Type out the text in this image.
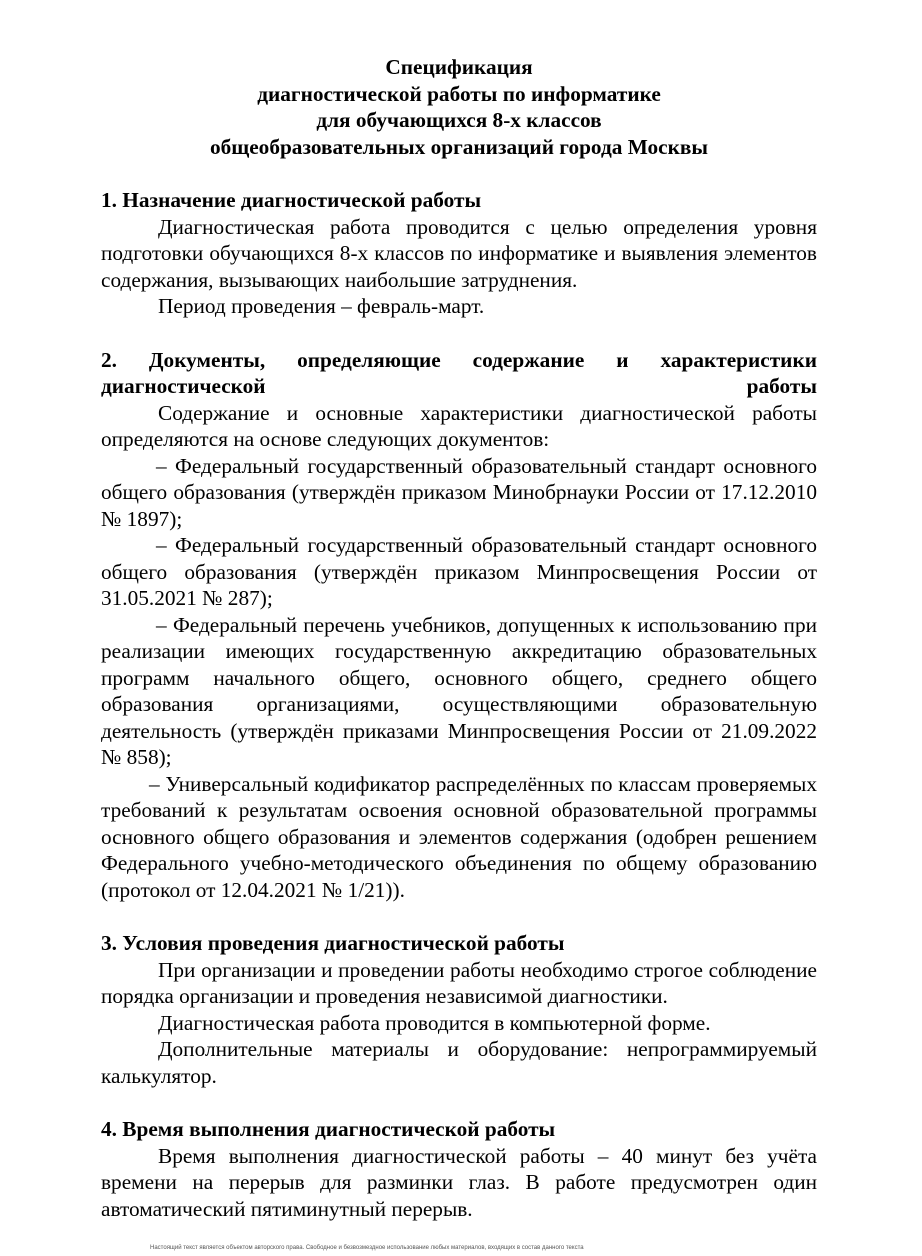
Спецификация

диагностической работы по информатике

для обучающихся 8-х классов

общеобразовательных организаций города Москвы

1. Назначение диагностической работы

Диагностическая работа проводится с целью определения уровня подготовки обучающихся 8-х классов по информатике и выявления элементов содержания, вызывающих наибольшие затруднения.

Период проведения – февраль-март.

2. Документы, определяющие содержание и характеристики диагностической работы

Содержание и основные характеристики диагностической работы определяются на основе следующих документов:

– Федеральный государственный образовательный стандарт основного общего образования (утверждён приказом Минобрнауки России от 17.12.2010 № 1897);

– Федеральный государственный образовательный стандарт основного общего образования (утверждён приказом Минпросвещения России от 31.05.2021 № 287);

– Федеральный перечень учебников, допущенных к использованию при реализации имеющих государственную аккредитацию образовательных программ начального общего, основного общего, среднего общего образования организациями, осуществляющими образовательную деятельность (утверждён приказами Минпросвещения России от 21.09.2022 № 858);

– Универсальный кодификатор распределённых по классам проверяемых требований к результатам освоения основной образовательной программы основного общего образования и элементов содержания (одобрен решением Федерального учебно-методического объединения по общему образованию (протокол от 12.04.2021 № 1/21)).

3. Условия проведения диагностической работы

При организации и проведении работы необходимо строгое соблюдение порядка организации и проведения независимой диагностики.

Диагностическая работа проводится в компьютерной форме.

Дополнительные материалы и оборудование: непрограммируемый калькулятор.

4. Время выполнения диагностической работы

Время выполнения диагностической работы – 40 минут без учёта времени на перерыв для разминки глаз. В работе предусмотрен один автоматический пятиминутный перерыв.

Настоящий текст является объектом авторского права. Свободное и безвозмездное использование любых материалов, входящих в состав данного текста
